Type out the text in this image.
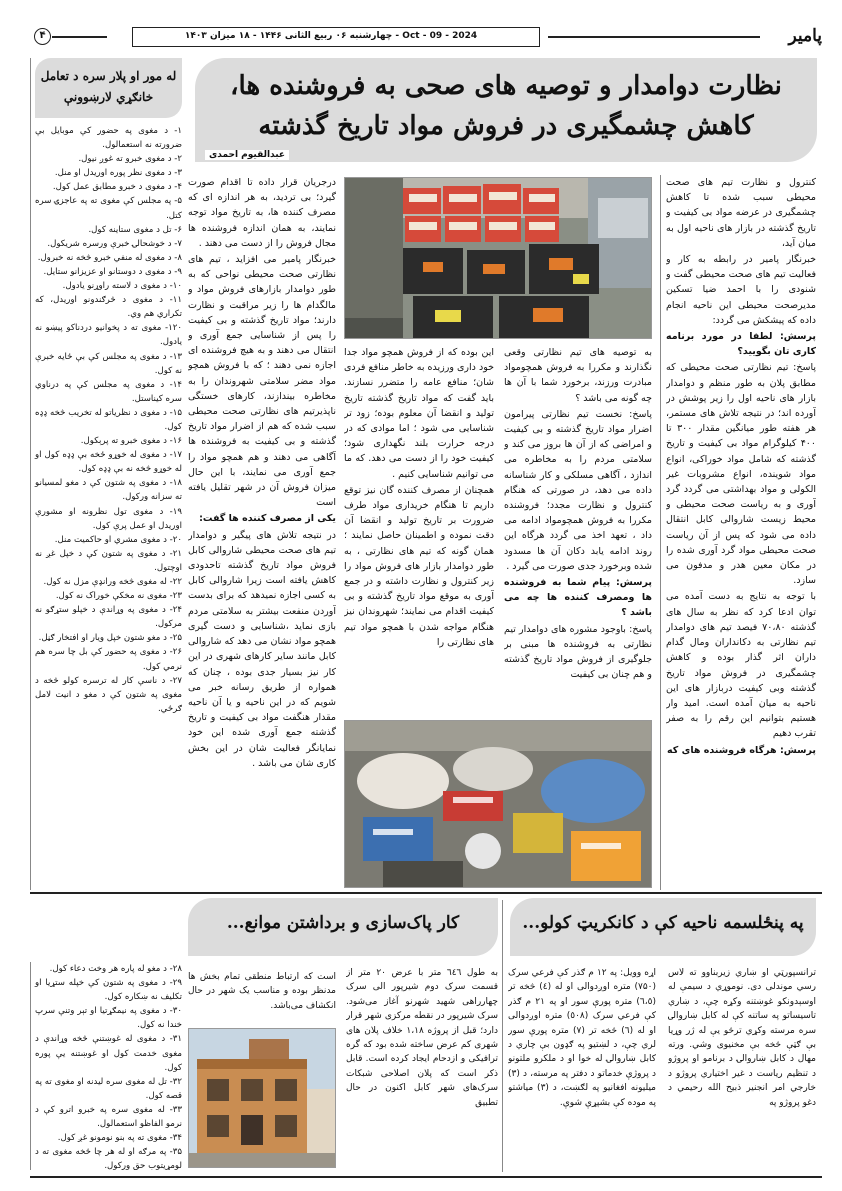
پامیر
چهارشنبه ۰۶ ربیع الثانی ۱۴۴۶ - ۱۸ میزان ۱۴۰۳ - Oct - 09 - 2024
۴
نظارت دوامدار و توصیه های صحی به فروشنده ها،
کاهش چشمگیری در فروش مواد تاریخ گذشته
عبدالقیوم احمدی

کنترول و نظارت تیم های صحت محیطی سبب شده تا کاهش چشمگیری در عرضه مواد بی کیفیت و تاریخ گذشته در بازار های ناحیه اول به میان آید،

خبرنگار پامیر در رابطه به کار و فعالیت تیم های صحت محیطی گفت و شنودی را با احمد ضیا تسکین مدیرصحت محیطی این ناحیه انجام داده که پیشکش می گردد:

پرسش: لطفا در مورد برنامه کاری تان بگویید؟

پاسخ: تیم نظارتی صحت محیطی که مطابق پلان به طور منظم و دوامدار بازار های ناحیه اول را زیر پوشش در آورده اند؛ در نتیجه تلاش های مستمر، هر هفته طور میانگین مقدار ۳۰۰ تا ۴۰۰ کیلوگرام مواد بی کیفیت و تاریخ گذشته که شامل مواد خوراکی، انواع مواد شوینده، انواع مشروبات غیر الکولی و مواد بهداشتی می گردد گرد آوری و به ریاست صحت محیطی و محیط زیست شاروالی کابل انتقال داده می شود که پس از آن ریاست صحت محیطی مواد گرد آوری شده را در مکان معین هدر و مدفون می سازد.

با توجه به نتایج به دست آمده می توان ادعا کرد که نظر به سال های گذشته ۷۰،۸۰ فیصد تیم های دوامدار تیم نظارتی به دکانداران ومال گدام داران اثر گذار بوده و کاهش چشمگیری در فروش مواد تاریخ گذشته وبی کیفیت دربازار های این ناحیه به میان آمده است. امید وار هستیم بتوانیم این رقم را به صفر تقرب دهیم

پرسش: هرگاه فروشنده های که

به توصیه های تیم نظارتی وقعی نگذارند و مکررا به فروش همچومواد مبادرت ورزند، برخورد شما با آن ها چه گونه می باشد ؟

پاسخ: نخست تیم نظارتی پیرامون اضرار مواد تاریخ گذشته و بی کیفیت و امراضی که از آن ها بروز می کند و سلامتی مردم را به مخاطره می اندازد ، آگاهی مسلکی و کار شناسانه داده می دهد، در صورتی که هنگام کنترول و نظارت مجدد؛ فروشنده مکررا به فروش همچومواد ادامه می داد ، تعهد اخذ می گردد هرگاه این روند ادامه یابد دکان آن ها مسدود شده وبرخورد جدی صورت می گیرد .

پرسش: پیام شما به فروشنده ها ومصرف کننده ها چه می باشد ؟

پاسخ: باوجود مشوره های دوامدار تیم نظارتی به فروشنده ها مبنی بر جلوگیری از فروش مواد تاریخ گذشته و هم چنان بی کیفیت

این بوده که از فروش همچو مواد جدا خود داری ورزیده به خاطر منافع فردی شان؛ منافع عامه را متضرر نسازند. باید گفت که مواد تاریخ گذشته تاریخ تولید و انقضا آن معلوم بوده؛ زود تر شناسایی می شود ؛ اما موادی که در درجه حرارت بلند نگهداری شود؛ کیفیت خود را از دست می دهد. که ما می توانیم شناسایی کنیم .

همچنان از مصرف کننده گان نیز توقع داریم تا هنگام خریداری مواد طرف ضرورت بر تاریخ تولید و انقضا آن دقت نموده و اطمینان حاصل نمایند ؛ همان گونه که تیم های نظارتی ، به طور دوامدار بازار های فروش مواد را زیر کنترول و نظارت داشته و در جمع آوری به موقع مواد تاریخ گذشته و بی کیفیت اقدام می نمایند؛ شهروندان نیز هنگام مواجه شدن با همچو مواد تیم های نظارتی را

درجریان قرار داده تا اقدام صورت گیرد؛ بی تردید، به هر اندازه ای که مصرف کننده ها، به تاریخ مواد توجه نمایند، به همان اندازه فروشنده ها مجال فروش را از دست می دهند .

خبرنگار پامیر می افزاید ، تیم های نظارتی صحت محیطی نواحی که به طور دوامدار بازارهای فروش مواد و مالگدام ها را زیر مراقبت و نظارت دارند؛ مواد تاریخ گذشته و بی کیفیت را پس از شناسایی جمع آوری و انتقال می دهند و به هیچ فروشنده ای اجازه نمی دهند ؛ که با فروش همچو مواد مضر سلامتی شهروندان را به مخاطره بیندازند، کارهای خستگی ناپذیرتیم های نظارتی صحت محیطی سبب شده که هم از اضرار مواد تاریخ گذشته و بی کیفیت به فروشنده ها آگاهی می دهند و هم همچو مواد را جمع آوری می نمایند، با این حال میزان فروش آن در شهر تقلیل یافته است

یکی از مصرف کننده ها گفت:

در نتیجه تلاش های پیگیر و دوامدار تیم های صحت محیطی شاروالی کابل فروش مواد تاریخ گذشته تاحدودی کاهش یافته است زیرا شاروالی کابل به کسی اجازه نمیدهد که برای بدست آوردن منفعت بیشتر به سلامتی مردم بازی نماید ،شناسایی و دست گیری همچو مواد نشان می دهد که شاروالی کابل مانند سایر کارهای شهری در این کار نیز بسیار جدی بوده ، چنان که همواره از طریق رسانه خبر می شویم که در این ناحیه و یا آن ناحیه مقدار هنگفت مواد بی کیفیت و تاریخ گذشته جمع آوری شده این خود نمایانگر فعالیت شان در این بخش کاری شان می باشد .

له مور او پلار سره د تعامل
خانګړي لارښوونې
۱- د مغوی په حضور کې موبایل بې ضرورته نه استعمالول.
۲- د مغوی خبرو ته غوږ نیول.
۳- د مغوی نظر پوره اوریدل او منل.
۴- د مغوی د خبرو مطابق عمل کول.
۵- په مجلس کې مغوی ته په عاجزۍ سره کتل.
۶- تل د مغوی ستاینه کول.
۷- د خوشحالۍ خبرې ورسره شریکول.
۸- د مغوی له منفي خبرو څخه نه خبرول.
۹- د مغوی د دوستانو او عزیزانو ستایل.
۱۰- د مغوی د لاسته راوړنو یادول.
۱۱- د مغوی د څرګندونو اوریدل، که تکراري هم وي.
۱۲۰- مغوی ته د پخوانیو دردناکو پیښو نه یادول.
۱۳- د مغوی په مجلس کې بې ځایه خبرې نه کول.
۱۴- د مغوی په مجلس کې په درناوي سره کیناستل.
۱۵- د مغوی د نظریاتو له تخریب څخه ډډه کول.
۱۶- د مغوی خبرو ته پرېکول.
۱۷- د مغوی له خوړو ځخه بې ډډه کول او له خوړو څخه نه بې ډډه کول.
۱۸- د مغوی په شتون کې د مغو لمسیانو ته سزانه ورکول.
۱۹- د مغوی تول نظرونه او مشورې اوریدل او عمل پرې کول.
۲۰- د مغوی مشري او حاکمیت منل.
۲۱- د مغوی په شتون کې د خپل غږ نه اوچتول.
۲۲- له مغوی څخه ورانډې مزل نه کول.
۲۳- مغوی نه مخکې خوراک نه کول.
۲۴- د مغوی په وړاندې د خپلو ستړګو نه مرکول.
۲۵- د مغو شتون خپل ویار او افتخار ګڼل.
۲۶- د مغوی په حضور کې بل چا سره هم نرمي کول.
۲۷- د ناسې کار له ترسره کولو څخه د مغوی په شتون کې د مغو د انیت لامل ګرځي.
۲۸- د مغو له پاره هر وخت دعاء کول.
۲۹- د مغوی په شتون کې خپله ستړیا او تکلیف نه ښکاره کول.
۳۰- د مغوی په نیمګړتیا او تېر وتنې سرپ خندا نه کول.
۳۱- د مغوی له غوښتنې څخه وړاندې د مغوی خدمت کول او غوښتنه یې پوره کول.
۳۲- تل له مغوی سره لیدنه او مغوی ته په قصه کول.
۳۳- له مغوی سره په خبرو اترو کې د نرمو الفاظو استعمالول.
۳۴- مغوی ته په بنو نومونو غږ کول.
۳۵- په مرګه او له هر چا څخه مغوی ته د لومړیتوب حق ورکول.
په پنځلسمه ناحیه کې د کانکریټ کولو...
ترانسپورټي او ښاري زیربناوو ته لاس رسي موندلی دی. نوموړي د سیمې له اوسېدونکو غوښتنه وکړه چې، د ښاري تاسیساتو په ساتنه کې له کابل ښاروالۍ سره مرسته وکړي ترڅو یې له ژر وړیا بې ګټې څخه بې مخنیوی وشي. ورته مهال د کابل ښاروالۍ د برنامو او پروژو د تنظیم ریاست د غیر اختیاري پروژو د خارجي امر انجنیر ذبیح الله رحیمي د دغو پروژو په
اړه وویل: په ۱۲ م ګذر کې فرعي سرک (۷۵۰) متره اوږدوالی او له (٤) څخه تر (٦،٥) متره پورې سور او په ۲۱ م ګذر کې فرعي سرک (٥٠٨) متره اوږدوالی او له (٦) څخه تر (۷) متره پورې سور لري چې، د لښتیو په ګډون بې چاري د کابل ښاروالۍ له خوا او د ملکرو ملتونو د پروژې خدماتو د دفتر په مرسته، د (۳) میلیونه افغانیو په لګښت، د (۳) میاشتو په موده کې بشپړې شوې.
کار پاک‌سازی و برداشتن موانع...
به طول ٦٤٦ متر با عرض ۲۰ متر از قسمت سرک دوم شیرپور الی سرک چهارراهی شهید شهرنو آغاز می‌شود. سرک شیرپور در نقطه مرکزی شهر قرار دارد؛ قبل از پروژه ۱،۱۸ خلاف پلان های شهری کم عرض ساخته شده بود که گره ترافیکی و ازدحام ایجاد کرده است. قابل ذکر است که پلان اصلاحی شبکات سرک‌های شهر کابل اکنون در حال تطبیق
است که ارتباط منطقی تمام بخش ها مدنظر بوده و مناسب یک شهر در حال انکشاف می‌باشد.
